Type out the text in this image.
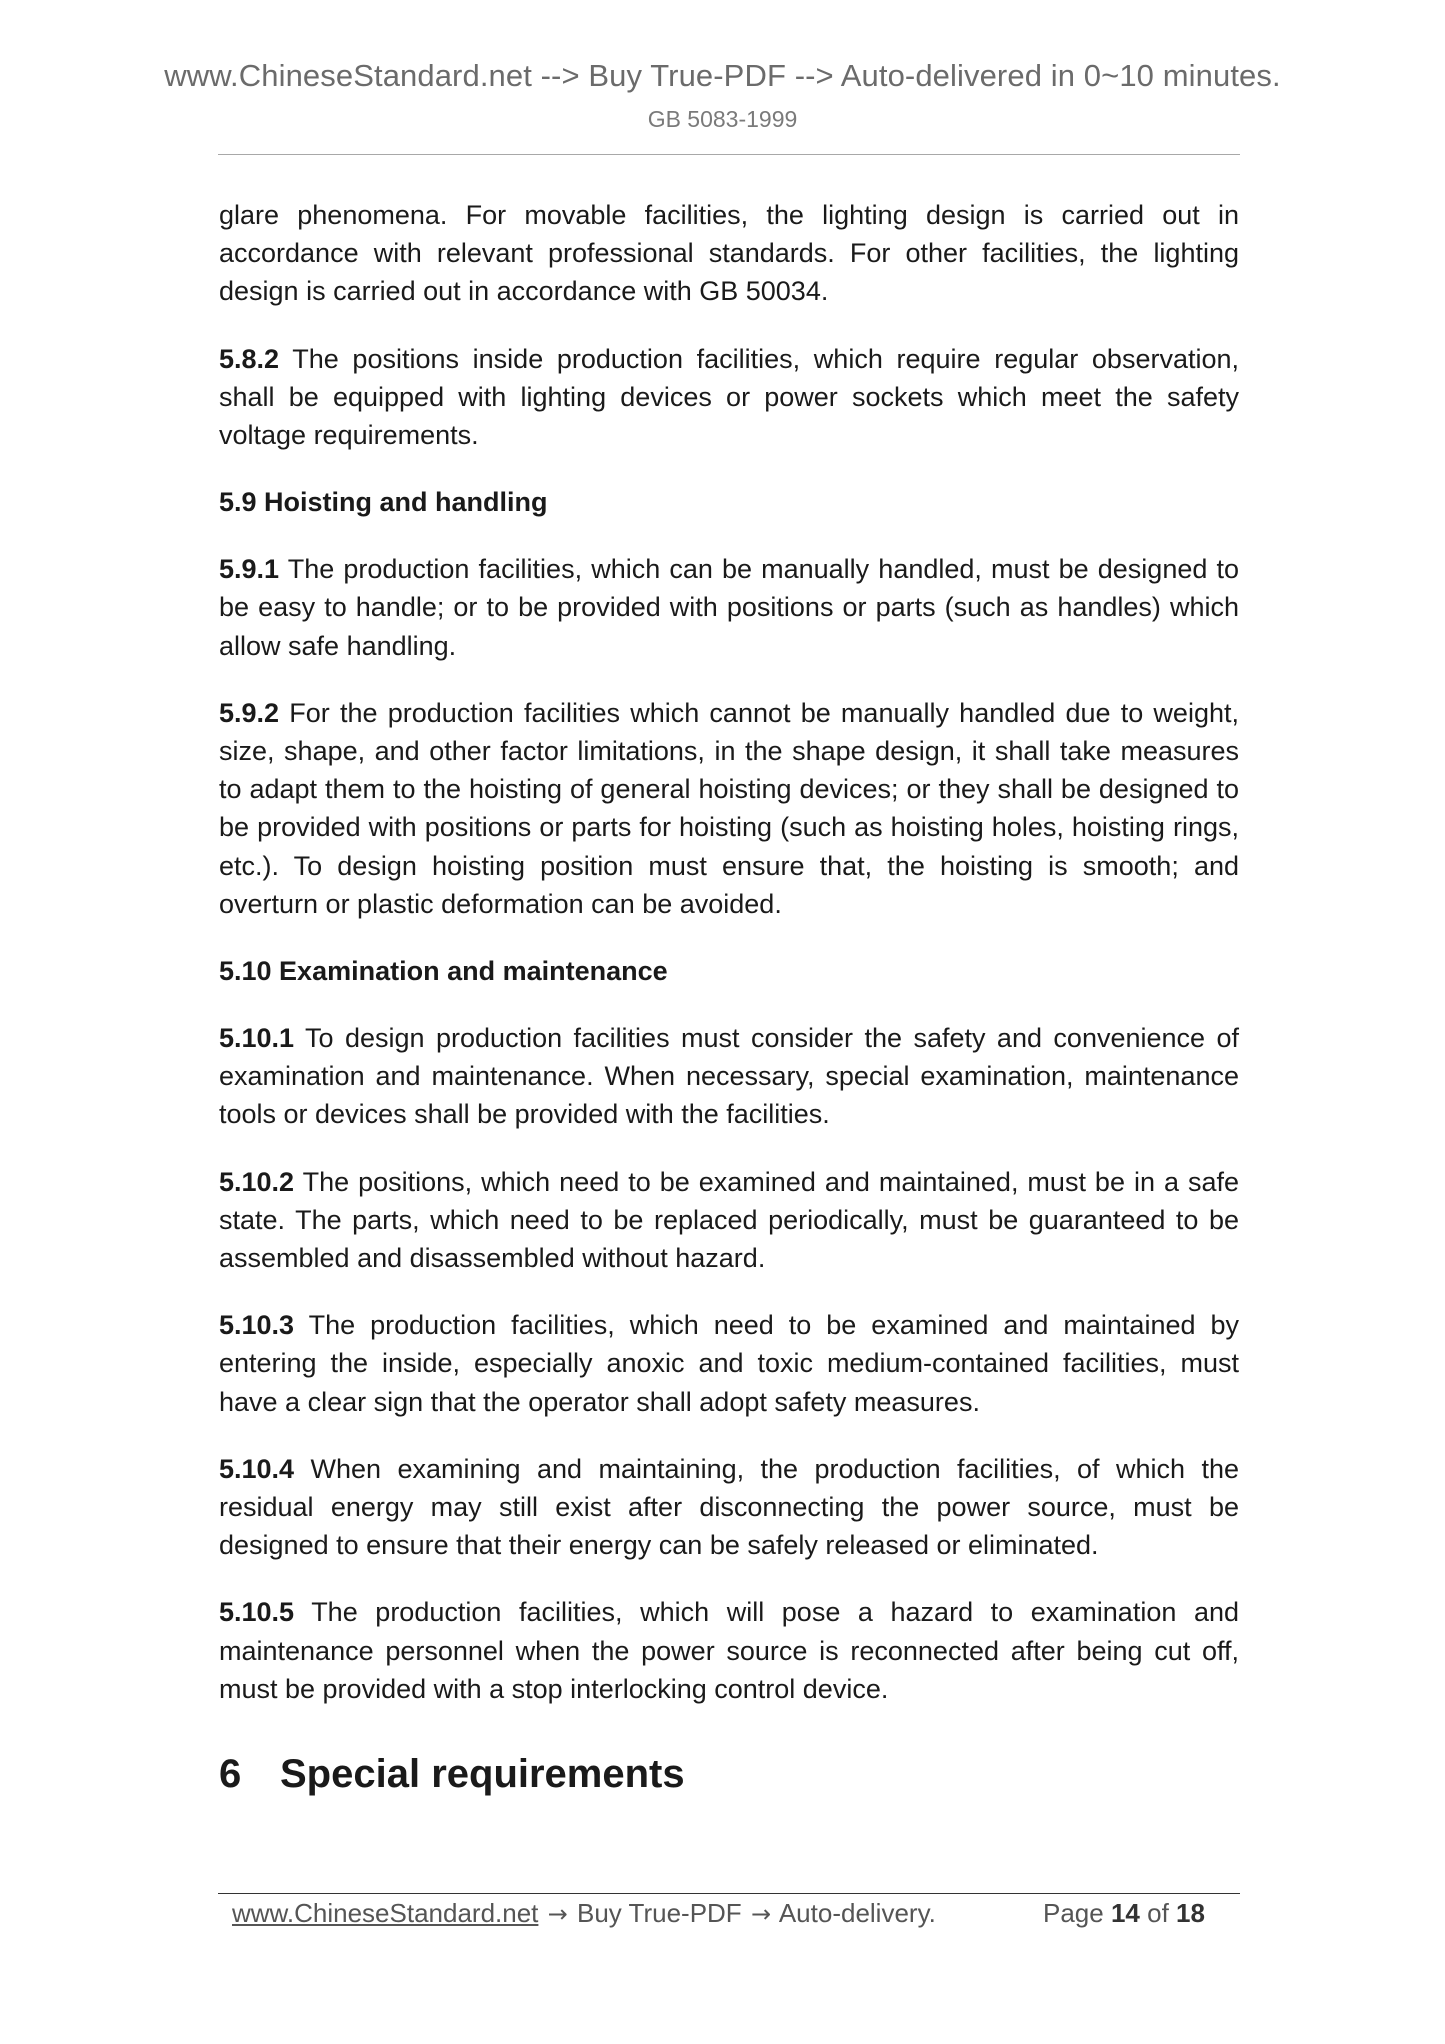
www.ChineseStandard.net --> Buy True-PDF --> Auto-delivered in 0~10 minutes.
GB 5083-1999

glare phenomena. For movable facilities, the lighting design is carried out in accordance with relevant professional standards. For other facilities, the lighting design is carried out in accordance with GB 50034.

5.8.2 The positions inside production facilities, which require regular observation, shall be equipped with lighting devices or power sockets which meet the safety voltage requirements.

5.9 Hoisting and handling

5.9.1 The production facilities, which can be manually handled, must be designed to be easy to handle; or to be provided with positions or parts (such as handles) which allow safe handling.

5.9.2 For the production facilities which cannot be manually handled due to weight, size, shape, and other factor limitations, in the shape design, it shall take measures to adapt them to the hoisting of general hoisting devices; or they shall be designed to be provided with positions or parts for hoisting (such as hoisting holes, hoisting rings, etc.). To design hoisting position must ensure that, the hoisting is smooth; and overturn or plastic deformation can be avoided.

5.10 Examination and maintenance

5.10.1 To design production facilities must consider the safety and convenience of examination and maintenance. When necessary, special examination, maintenance tools or devices shall be provided with the facilities.

5.10.2 The positions, which need to be examined and maintained, must be in a safe state. The parts, which need to be replaced periodically, must be guaranteed to be assembled and disassembled without hazard.

5.10.3 The production facilities, which need to be examined and maintained by entering the inside, especially anoxic and toxic medium-contained facilities, must have a clear sign that the operator shall adopt safety measures.

5.10.4 When examining and maintaining, the production facilities, of which the residual energy may still exist after disconnecting the power source, must be designed to ensure that their energy can be safely released or eliminated.

5.10.5 The production facilities, which will pose a hazard to examination and maintenance personnel when the power source is reconnected after being cut off, must be provided with a stop interlocking control device.

6 Special requirements
www.ChineseStandard.net → Buy True-PDF → Auto-delivery.	Page 14 of 18
